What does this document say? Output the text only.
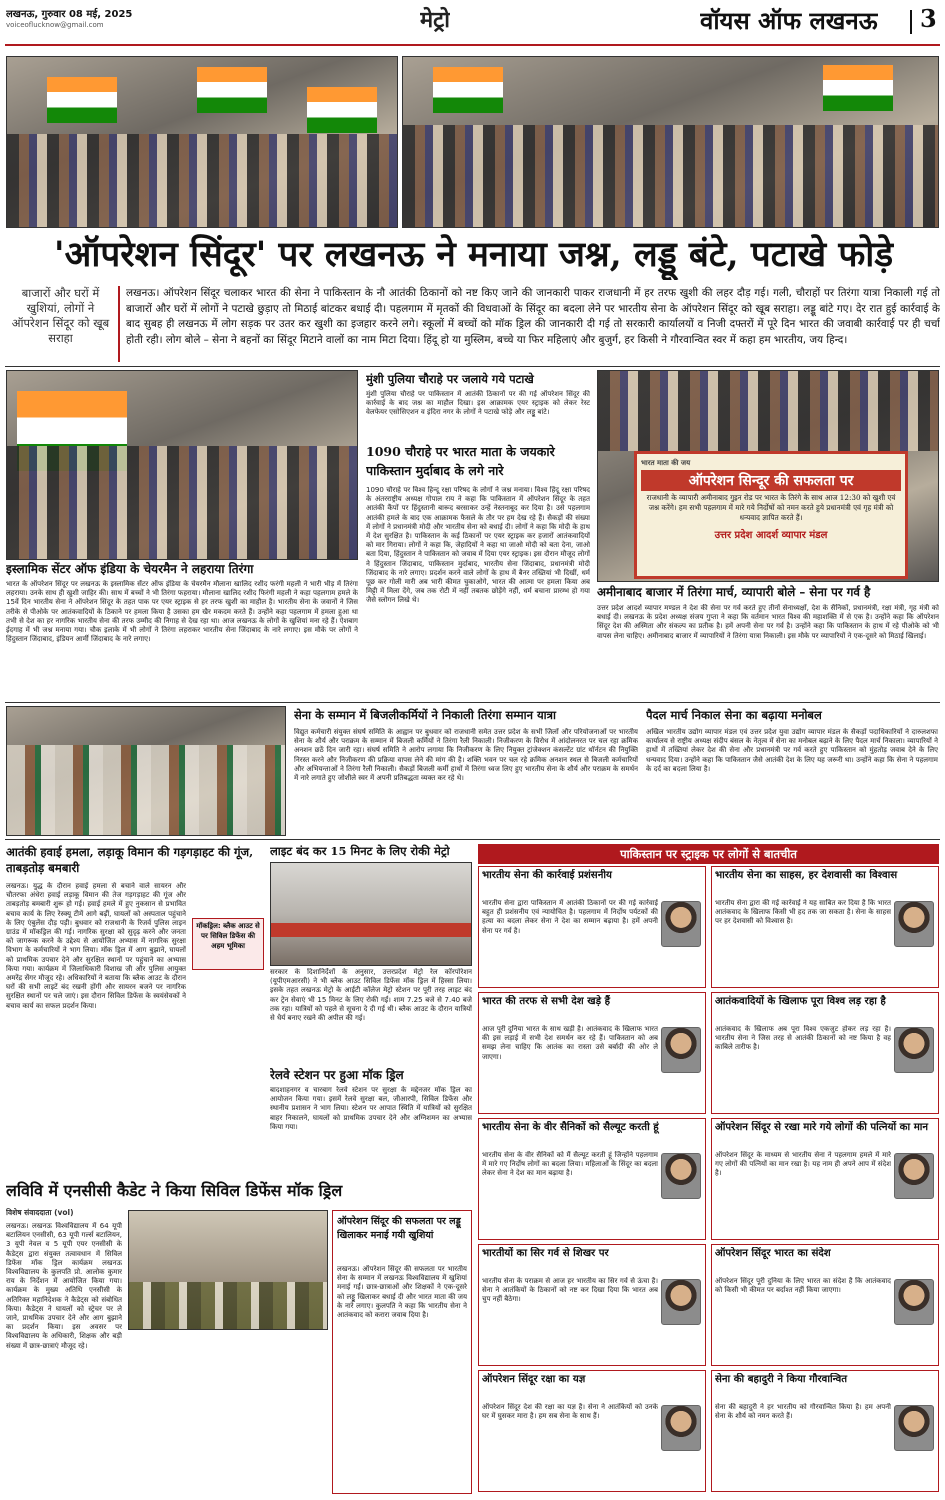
लखनऊ, गुरुवार 08 मई, 2025
voiceoflucknow@gmail.com	मेट्रो	वॉयस ऑफ लखनऊ 3
'ऑपरेशन सिंदूर' पर लखनऊ ने मनाया जश्न, लड्डू बंटे, पटाखे फोड़े
बाजारों और घरों में खुशियां, लोगों ने ऑपरेशन सिंदूर को खूब सराहा
लखनऊ। ऑपरेशन सिंदूर चलाकर भारत की सेना ने पाकिस्तान के नौ आतंकी ठिकानों को नष्ट किए जाने की जानकारी पाकर राजधानी में हर तरफ खुशी की लहर दौड़ गई। गली, चौराहों पर तिरंगा यात्रा निकाली गई तो बाजारों और घरों में लोगों ने पटाखे छुड़ाए तो मिठाई बांटकर बधाई दी। पहलगाम में मृतकों की विधवाओं के सिंदूर का बदला लेने पर भारतीय सेना के ऑपरेशन सिंदूर को खूब सराहा। लड्डू बांटे गए। देर रात हुई कार्रवाई के बाद सुबह ही लखनऊ में लोग सड़क पर उतर कर खुशी का इजहार करने लगे। स्कूलों में बच्चों को मॉक ड्रिल की जानकारी दी गई तो सरकारी कार्यालयों व निजी दफ्तरों में पूरे दिन भारत की जवाबी कार्रवाई पर ही चर्चा होती रही। लोग बोले – सेना ने बहनों का सिंदूर मिटाने वालों का नाम मिटा दिया। हिंदू हो या मुस्लिम, बच्चे या फिर महिलाएं और बुजुर्ग, हर किसी ने गौरवान्वित स्वर में कहा हम भारतीय, जय हिन्द।
इस्लामिक सेंटर ऑफ इंडिया के चेयरमैन ने लहराया तिरंगा
भारत के ऑपरेशन सिंदूर पर लखनऊ के इस्लामिक सेंटर ऑफ इंडिया के चेयरमैन मौलाना खालिद रशीद फरंगी महली ने भारी भीड़ में तिरंगा लहराया। उनके साथ ही खुशी जाहिर की। साथ में बच्चों ने भी तिरंगा फहराया। मौलाना खालिद रशीद फिरंगी महली ने कहा पहलगाम हमले के 15वें दिन भारतीय सेना ने ऑपरेशन सिंदूर के तहत पाक पर एयर स्ट्राइक से हर तरफ खुशी का माहौल है। भारतीय सेना के जवानों ने जिस तरीके से पीओके पर आतंकवादियों के ठिकाने पर हमला किया है उसका हम खैर मकदम करते हैं। उन्होंने कहा पहलगाम में हमला हुआ था तभी से देश का हर नागरिक भारतीय सेना की तरफ उम्मीद की निगाह से देख रहा था। आज लखनऊ के लोगों के खुशियां मना रहे हैं। ऐशबाग ईदगाह में भी जश्न मनाया गया। चौक इलाके में भी लोगों ने तिरंगा लहराकर भारतीय सेना जिंदाबाद के नारे लगाए। इस मौके पर लोगों ने हिंदुस्तान जिंदाबाद, इंडियन आर्मी जिंदाबाद के नारे लगाए।
मुंशी पुलिया चौराहे पर जलाये गये पटाखे
मुंशी पुलिया चौराहे पर पाकिस्तान में आतंकी ठिकानों पर की गई ऑपरेशन सिंदूर की कार्रवाई के बाद जश्न का माहौल दिखा। इस आक्रामक एयर स्ट्राइक को लेकर रेस्ट वेलफेयर एसोसिएशन व इंदिरा नगर के लोगों ने पटाखे फोड़े और लड्डू बांटे।
1090 चौराहे पर भारत माता के जयकारे पाकिस्तान मुर्दाबाद के लगे नारे
1090 चौराहे पर विश्व हिन्दू रक्षा परिषद के लोगों ने जश्न मनाया। विश्व हिंदू रक्षा परिषद के अंतरराष्ट्रीय अध्यक्ष गोपाल राय ने कहा कि पाकिस्तान में ऑपरेशन सिंदूर के तहत आतंकी कैंपों पर हिंदुस्तानी बारूद बरसाकर उन्हें नेस्तनाबूद कर दिया है। उसे पहलगाम आतंकी हमले के बाद एक आक्रामक फैसले के तौर पर हम देख रहे हैं। सैकड़ों की संख्या में लोगों ने प्रधानमंत्री मोदी और भारतीय सेना को बधाई दी। लोगों ने कहा कि मोदी के हाथ में देश सुरक्षित है। पाकिस्तान के कई ठिकानों पर एयर स्ट्राइक कर हजारों आतंकवादियों को मार गिराया। लोगों ने कहा कि, जेहादियों ने कहा था जाओ मोदी को बता देना, जाओ बता दिया, हिंदुस्तान ने पाकिस्तान को जवाब में दिया एयर स्ट्राइक। इस दौरान मौजूद लोगों ने हिंदुस्तान जिंदाबाद, पाकिस्तान मुर्दाबाद, भारतीय सेना जिंदाबाद, प्रधानमंत्री मोदी जिंदाबाद के नारे लगाए। प्रदर्शन करने वाले लोगों के हाथ में बैनर तख्तियां भी दिखीं, धर्म पूछ कर गोली मारी अब भारी कीमत चुकाओगे, भारत की आत्मा पर हमला किया अब मिट्टी में मिला देंगे, जब तक रोटी में नहीं तबतक छोड़ेंगे नहीं, धर्म बचाना प्रारम्भ हो गया जैसे स्लोगन लिखे थे।
भारत माता की जय
ऑपरेशन सिन्दूर की सफलता पर
राजधानी के व्यापारी अमीनाबाद गुइन रोड पर भारत के तिरंगे के साथ आज 12:30 को खुशी एवं जश्न करेंगे। हम सभी पहलगाम में मारे गये निर्दोषों को नमन करते हुये प्रधानमंत्री एवं गृह मंत्री को धन्यवाद ज्ञापित करते हैं।
उत्तर प्रदेश आदर्श व्यापार मंडल
अमीनाबाद बाजार में तिरंगा मार्च, व्यापारी बोले – सेना पर गर्व है
उत्तर प्रदेश आदर्श व्यापार मण्डल ने देश की सेना पर गर्व करते हुए तीनों सेनाध्यक्षों, देश के सैनिकों, प्रधानमंत्री, रक्षा मंत्री, गृह मंत्री को बधाई दी। लखनऊ के प्रदेश अध्यक्ष संजय गुप्ता ने कहा कि वर्तमान भारत विश्व की महाशक्ति में से एक है। उन्होंने कहा कि ऑपरेशन सिंदूर देश की अस्मिता और संकल्प का प्रतीक है। हमें अपनी सेना पर गर्व है। उन्होंने कहा कि पाकिस्तान के हाथ में रहे पीओके को भी वापस लेना चाहिए। अमीनाबाद बाजार में व्यापारियों ने तिरंगा यात्रा निकाली। इस मौके पर व्यापारियों ने एक-दूसरे को मिठाई खिलाई।
सेना के सम्मान में बिजलीकर्मियों ने निकाली तिरंगा सम्मान यात्रा
विद्युत कर्मचारी संयुक्त संघर्ष समिति के आह्वान पर बुधवार को राजधानी समेत उत्तर प्रदेश के सभी जिलों और परियोजनाओं पर भारतीय सेना के शौर्य और पराक्रम के सम्मान में बिजली कर्मियों ने तिरंगा रैली निकाली। निजीकरण के विरोध में आंदोलनरत पर चल रहा क्रमिक अनशन छठें दिन जारी रहा। संघर्ष समिति ने आरोप लगाया कि निजीकरण के लिए नियुक्त ट्रांजेक्शन कंसल्टेंट ग्रांट थॉर्नटन की नियुक्ति निरस्त करने और निजीकरण की प्रक्रिया वापस लेने की मांग की है। शक्ति भवन पर चल रहे क्रमिक अनशन स्थल से बिजली कर्मचारियों और अभियन्ताओं ने तिरंगा रैली निकाली। सैकड़ों बिजली कर्मी हाथों में तिरंगा ध्वज लिए हुए भारतीय सेना के शौर्य और पराक्रम के समर्थन में नारे लगाते हुए जोशीले स्वर में अपनी प्रतिबद्धता व्यक्त कर रहे थे।
पैदल मार्च निकाल सेना का बढ़ाया मनोबल
अखिल भारतीय उद्योग व्यापार मंडल एवं उत्तर प्रदेश युवा उद्योग व्यापार मंडल के सैकड़ों पदाधिकारियों ने दारुलशफा कार्यालय से राष्ट्रीय अध्यक्ष संदीप बंसल के नेतृत्व में सेना का मनोबल बढ़ाने के लिए पैदल मार्च निकाला। व्यापारियों ने हाथों में तख्तियां लेकर देश की सेना और प्रधानमंत्री पर गर्व करते हुए पाकिस्तान को मुंहतोड़ जवाब देने के लिए धन्यवाद दिया। उन्होंने कहा कि पाकिस्तान जैसे आतंकी देश के लिए यह जरूरी था। उन्होंने कहा कि सेना ने पहलगाम के दर्द का बदला लिया है।
आतंकी हवाई हमला, लड़ाकू विमान की गड़गड़ाहट की गूंज, ताबड़तोड़ बमबारी
मॉकड्रिल: ब्लैक आउट से पर सिविल डिफेंस की अहम भूमिका
लखनऊ। युद्ध के दौरान हवाई हमला से बचाने वाले सायरन और चौतरफा अंधेरा हवाई लड़ाकू विमान की तेज गड़गड़ाहट की गूंज और ताबड़तोड़ बमबारी शुरू हो गई। हवाई हमले में हुए नुकसान से प्रभावित बचाव कार्य के लिए रेस्क्यू टीमें आगे बढ़ीं, घायलों को अस्पताल पहुंचाने के लिए एंबुलेंस दौड़ पड़ी। बुधवार को राजधानी के रिजर्व पुलिस लाइन ग्राउंड में मॉकड्रिल की गई। नागरिक सुरक्षा को सुदृढ़ करने और जनता को जागरूक करने के उद्देश्य से आयोजित अभ्यास में नागरिक सुरक्षा विभाग के कर्मचारियों ने भाग लिया। मॉक ड्रिल में आग बुझाने, घायलों को प्राथमिक उपचार देने और सुरक्षित स्थानों पर पहुंचाने का अभ्यास किया गया। कार्यक्रम में जिलाधिकारी विशाख जी और पुलिस आयुक्त अमरेंद्र सेंगर मौजूद रहे। अधिकारियों ने बताया कि ब्लैक आउट के दौरान घरों की सभी लाइटें बंद रखनी होंगी और सायरन बजने पर नागरिक सुरक्षित स्थानों पर चले जाएं। इस दौरान सिविल डिफेंस के स्वयंसेवकों ने बचाव कार्य का सफल प्रदर्शन किया।
लाइट बंद कर 15 मिनट के लिए रोकी मेट्रो
सरकार के दिशानिर्देशों के अनुसार, उत्तरप्रदेश मेट्रो रेल कॉरपोरेशन (यूपीएमआरसी) ने भी ब्लैक आउट सिविल डिफेंस मॉक ड्रिल में हिस्सा लिया। इसके तहत लखनऊ मेट्रो के आईटी कॉलेज मेट्रो स्टेशन पर पूरी तरह लाइट बंद कर ट्रेन सेवाएं भी 15 मिनट के लिए रोकी गईं। शाम 7.25 बजे से 7.40 बजे तक रहा। यात्रियों को पहले से सूचना दे दी गई थी। ब्लैक आउट के दौरान यात्रियों से धैर्य बनाए रखने की अपील की गई।
रेलवे स्टेशन पर हुआ मॉक ड्रिल
बादशाहनगर व चारबाग रेलवे स्टेशन पर सुरक्षा के मद्देनजर मॉक ड्रिल का आयोजन किया गया। इसमें रेलवे सुरक्षा बल, जीआरपी, सिविल डिफेंस और स्थानीय प्रशासन ने भाग लिया। स्टेशन पर आपात स्थिति में यात्रियों को सुरक्षित बाहर निकालने, घायलों को प्राथमिक उपचार देने और अग्निशमन का अभ्यास किया गया।
लविवि में एनसीसी कैडेट ने किया सिविल डिफेंस मॉक ड्रिल
विशेष संवाददाता (vol)
लखनऊ। लखनऊ विश्वविद्यालय में 64 यूपी बटालियन एनसीसी, 63 यूपी गर्ल्स बटालियन, 3 यूपी नेवल व 5 यूपी एयर एनसीसी के कैडेट्स द्वारा संयुक्त तत्वावधान में सिविल डिफेंस मॉक ड्रिल कार्यक्रम लखनऊ विश्वविद्यालय के कुलपति प्रो. आलोक कुमार राय के निर्देशन में आयोजित किया गया। कार्यक्रम के मुख्य अतिथि एनसीसी के अतिरिक्त महानिदेशक ने कैडेट्स को संबोधित किया। कैडेट्स ने घायलों को स्ट्रेचर पर ले जाने, प्राथमिक उपचार देने और आग बुझाने का प्रदर्शन किया। इस अवसर पर विश्वविद्यालय के अधिकारी, शिक्षक और बड़ी संख्या में छात्र-छात्राएं मौजूद रहे।
ऑपरेशन सिंदूर की सफलता पर लड्डू खिलाकर मनाई गयी खुशियां
लखनऊ। ऑपरेशन सिंदूर की सफलता पर भारतीय सेना के सम्मान में लखनऊ विश्वविद्यालय में खुशियां मनाई गईं। छात्र-छात्राओं और शिक्षकों ने एक-दूसरे को लड्डू खिलाकर बधाई दी और भारत माता की जय के नारे लगाए। कुलपति ने कहा कि भारतीय सेना ने आतंकवाद को करारा जवाब दिया है।
पाकिस्तान पर स्ट्राइक पर लोगों से बातचीत
भारतीय सेना की कार्रवाई प्रशंसनीय
भारतीय सेना द्वारा पाकिस्तान में आतंकी ठिकानों पर की गई कार्रवाई बहुत ही प्रशंसनीय एवं न्यायोचित है। पहलगाम में निर्दोष पर्यटकों की हत्या का बदला लेकर सेना ने देश का सम्मान बढ़ाया है। हमें अपनी सेना पर गर्व है।
भारतीय सेना का साहस, हर देशवासी का विश्वास
भारतीय सेना द्वारा की गई कार्रवाई ने यह साबित कर दिया है कि भारत आतंकवाद के खिलाफ किसी भी हद तक जा सकता है। सेना के साहस पर हर देशवासी को विश्वास है।
भारत की तरफ से सभी देश खड़े हैं
आज पूरी दुनिया भारत के साथ खड़ी है। आतंकवाद के खिलाफ भारत की इस लड़ाई में सभी देश समर्थन कर रहे हैं। पाकिस्तान को अब समझ लेना चाहिए कि आतंक का रास्ता उसे बर्बादी की ओर ले जाएगा।
आतंकवादियों के खिलाफ पूरा विश्व लड़ रहा है
आतंकवाद के खिलाफ अब पूरा विश्व एकजुट होकर लड़ रहा है। भारतीय सेना ने जिस तरह से आतंकी ठिकानों को नष्ट किया है वह काबिले तारीफ है।
भारतीय सेना के वीर सैनिकों को सैल्यूट करती हूं
भारतीय सेना के वीर सैनिकों को मैं सैल्यूट करती हूं जिन्होंने पहलगाम में मारे गए निर्दोष लोगों का बदला लिया। महिलाओं के सिंदूर का बदला लेकर सेना ने देश का मान बढ़ाया है।
ऑपरेशन सिंदूर से रखा मारे गये लोगों की पत्नियों का मान
ऑपरेशन सिंदूर के माध्यम से भारतीय सेना ने पहलगाम हमले में मारे गए लोगों की पत्नियों का मान रखा है। यह नाम ही अपने आप में संदेश है।
भारतीयों का सिर गर्व से शिखर पर
भारतीय सेना के पराक्रम से आज हर भारतीय का सिर गर्व से ऊंचा है। सेना ने आतंकियों के ठिकानों को नष्ट कर दिखा दिया कि भारत अब चुप नहीं बैठेगा।
ऑपरेशन सिंदूर भारत का संदेश
ऑपरेशन सिंदूर पूरी दुनिया के लिए भारत का संदेश है कि आतंकवाद को किसी भी कीमत पर बर्दाश्त नहीं किया जाएगा।
ऑपरेशन सिंदूर रक्षा का यज्ञ
ऑपरेशन सिंदूर देश की रक्षा का यज्ञ है। सेना ने आतंकियों को उनके घर में घुसकर मारा है। हम सब सेना के साथ हैं।
सेना की बहादुरी ने किया गौरवान्वित
सेना की बहादुरी ने हर भारतीय को गौरवान्वित किया है। हम अपनी सेना के शौर्य को नमन करते हैं।
